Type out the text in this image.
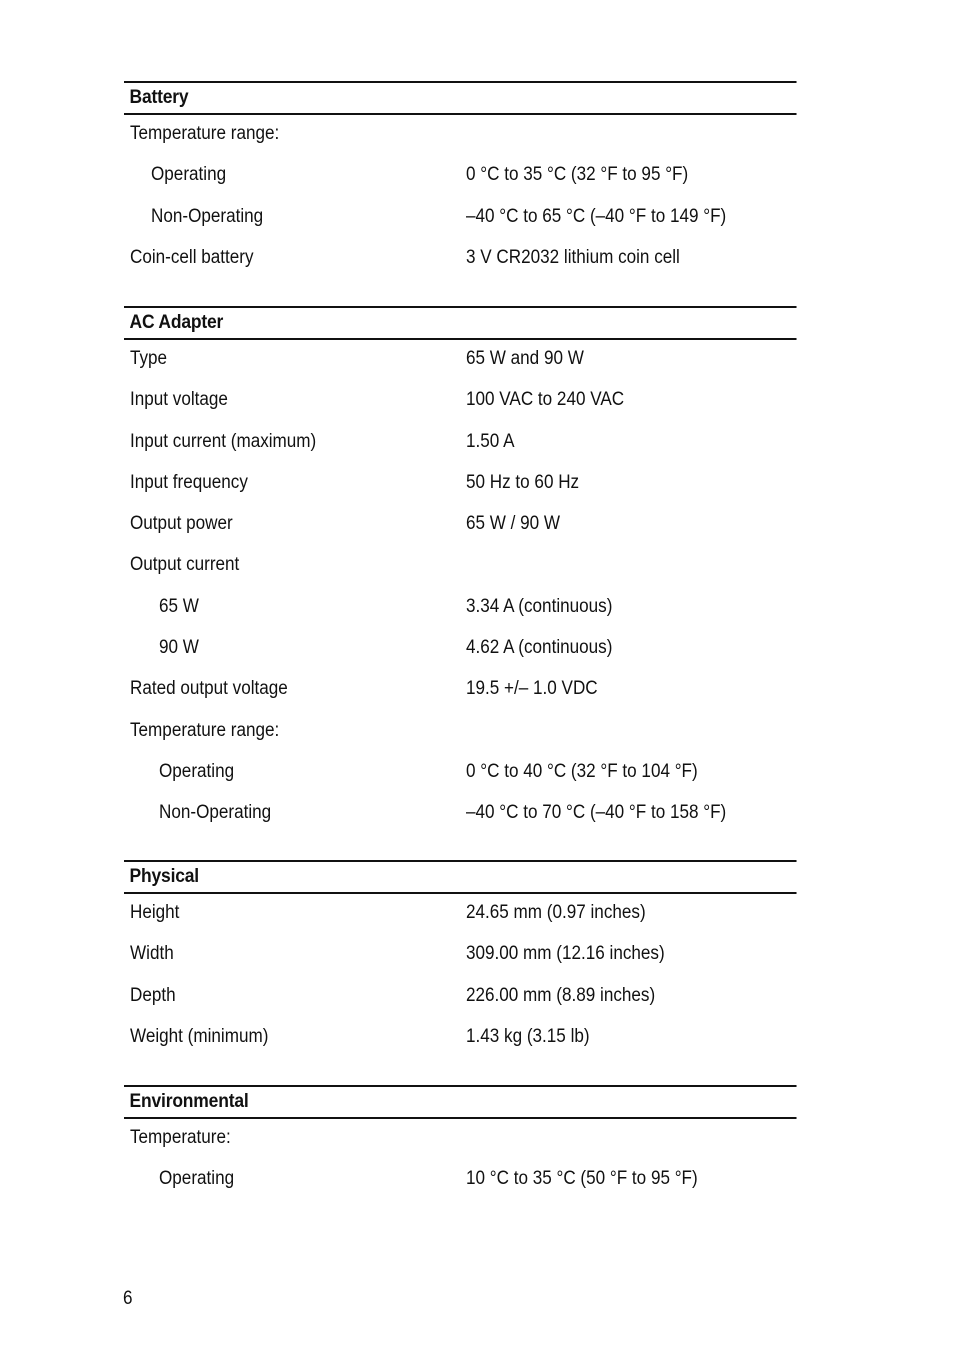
Battery
Temperature range:
Operating	0 °C to 35 °C (32 °F to 95 °F)
Non-Operating	–40 °C to 65 °C (–40 °F to 149 °F)
Coin-cell battery	3 V CR2032 lithium coin cell
AC Adapter
Type	65 W and 90 W
Input voltage	100 VAC to 240 VAC
Input current (maximum)	1.50 A
Input frequency	50 Hz to 60 Hz
Output power	65 W / 90 W
Output current
65 W	3.34 A (continuous)
90 W	4.62 A (continuous)
Rated output voltage	19.5 +/– 1.0 VDC
Temperature range:
Operating	0 °C to 40 °C (32 °F to 104 °F)
Non-Operating	–40 °C to 70 °C (–40 °F to 158 °F)
Physical
Height	24.65 mm (0.97 inches)
Width	309.00 mm (12.16 inches)
Depth	226.00 mm (8.89 inches)
Weight (minimum)	1.43 kg (3.15 lb)
Environmental
Temperature:
Operating	10 °C to 35 °C (50 °F to 95 °F)
6
